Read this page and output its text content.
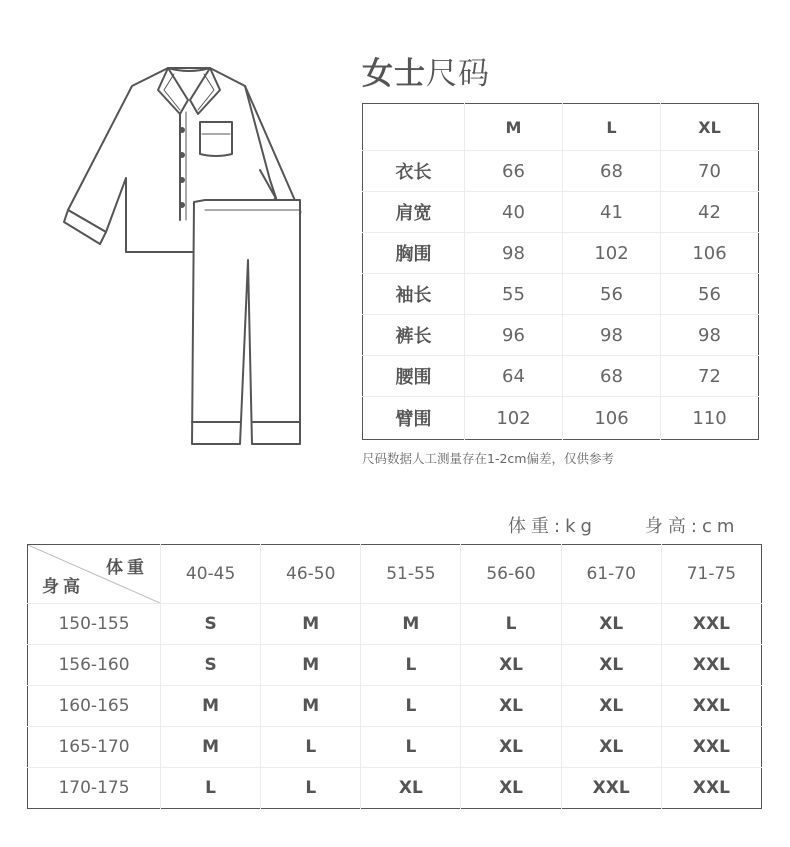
女士尺码
	M	L	XL
衣长	66	68	70
肩宽	40	41	42
胸围	98	102	106
袖长	55	56	56
裤长	96	98	98
腰围	64	68	72
臂围	102	106	110
尺码数据人工测量存在1-2cm偏差，仅供参考
体重:kg	身高:cm
体重
身高	40-45	46-50	51-55	56-60	61-70	71-75
150-155	S	M	M	L	XL	XXL
156-160	S	M	L	XL	XL	XXL
160-165	M	M	L	XL	XL	XXL
165-170	M	L	L	XL	XL	XXL
170-175	L	L	XL	XL	XXL	XXL
